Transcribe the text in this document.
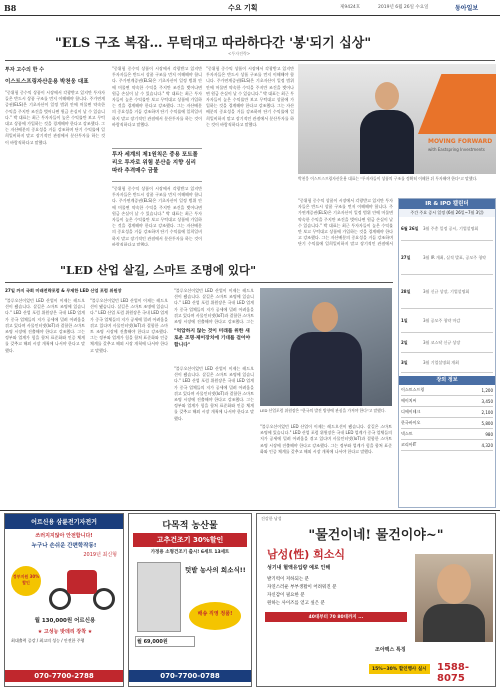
B8	수요 기획	제9424호	2019년 6월 26일 수요일	동아일보
"ELS 구조 복잡… 무턱대고 따라하다간 '봉'되기 십상"
<투자전략>
투자 고수의 한 수
이스트스프링자산운용 박천웅 대표
"중위험 중수익 상품이 시장에서 각광받고 있지만 투자자들은 반드시 상품 구조를 먼저 이해해야 합니다. 주가연계증권(ELS)은 기초자산이 일정 범위 안에 머물면 약속한 수익을 주지만 조건을 벗어나면 원금 손실이 날 수 있습니다." 박 대표는 최근 투자자들이 높은 수익률만 보고 무턱대고 상품에 가입하는 것을 경계해야 한다고 강조했다. 그는 자산배분의 중요성을 거듭 강조하며 단기 수익률에 일희일비하지 말고 장기적인 관점에서 분산투자를 하는 것이 바람직하다고 말했다.
"중위험 중수익 상품이 시장에서 각광받고 있지만 투자자들은 반드시 상품 구조를 먼저 이해해야 합니다. 주가연계증권(ELS)은 기초자산이 일정 범위 안에 머물면 약속한 수익을 주지만 조건을 벗어나면 원금 손실이 날 수 있습니다." 박 대표는 최근 투자자들이 높은 수익률만 보고 무턱대고 상품에 가입하는 것을 경계해야 한다고 강조했다. 그는 자산배분의 중요성을 거듭 강조하며 단기 수익률에 일희일비하지 말고 장기적인 관점에서 분산투자를 하는 것이 바람직하다고 말했다.
투자 세계의 제1원칙은 중용 포트폴리오 투자로 위험 분산을 지향 심리 따라 추격매수 금물
"중위험 중수익 상품이 시장에서 각광받고 있지만 투자자들은 반드시 상품 구조를 먼저 이해해야 합니다. 주가연계증권(ELS)은 기초자산이 일정 범위 안에 머물면 약속한 수익을 주지만 조건을 벗어나면 원금 손실이 날 수 있습니다." 박 대표는 최근 투자자들이 높은 수익률만 보고 무턱대고 상품에 가입하는 것을 경계해야 한다고 강조했다. 그는 자산배분의 중요성을 거듭 강조하며 단기 수익률에 일희일비하지 말고 장기적인 관점에서 분산투자를 하는 것이 바람직하다고 말했다.
"중위험 중수익 상품이 시장에서 각광받고 있지만 투자자들은 반드시 상품 구조를 먼저 이해해야 합니다. 주가연계증권(ELS)은 기초자산이 일정 범위 안에 머물면 약속한 수익을 주지만 조건을 벗어나면 원금 손실이 날 수 있습니다." 박 대표는 최근 투자자들이 높은 수익률만 보고 무턱대고 상품에 가입하는 것을 경계해야 한다고 강조했다. 그는 자산배분의 중요성을 거듭 강조하며 단기 수익률에 일희일비하지 말고 장기적인 관점에서 분산투자를 하는 것이 바람직하다고 말했다.
MOVING FORWARD
with Eastspring Investments
박천웅 이스트스프링자산운용 대표는 "투자자들이 상품의 구조를 정확히 이해한 뒤 투자해야 한다"고 말했다.
"중위험 중수익 상품이 시장에서 각광받고 있지만 투자자들은 반드시 상품 구조를 먼저 이해해야 합니다. 주가연계증권(ELS)은 기초자산이 일정 범위 안에 머물면 약속한 수익을 주지만 조건을 벗어나면 원금 손실이 날 수 있습니다." 박 대표는 최근 투자자들이 높은 수익률만 보고 무턱대고 상품에 가입하는 것을 경계해야 한다고 강조했다. 그는 자산배분의 중요성을 거듭 강조하며 단기 수익률에 일희일비하지 말고 장기적인 관점에서
IR & IPO 캘린더
주간 주요 증시 일정 (6월 26일~7월 3일)
6월 26일	3월 주총 일정 공시, 기업설명회
27일	3월 IR 개최, 실적 발표, 공모주 청약
28일	3월 신규 상장, 기업설명회
1일	3월 공모주 청약 마감
2일	3월 코스닥 신규 상장
3일	3월 기업설명회 개최
장외 정보
이스트스프링	1,200
에이치씨	3,450
디에이테크	2,100
한국바이오	5,800
넥스트	980
코리아IT	4,320
"LED 산업 살길, 스마트 조명에 있다"
27일 까지 국회 미래전략포럼 & 무제한 LED 산업 포럼 위원장
"블루오션이었던 LED 산업이 이제는 레드오션이 됐습니다. 살길은 스마트 조명에 있습니다." LED 산업 포럼 위원장은 국내 LED 업계가 중국 업체들의 저가 공세에 밀려 어려움을 겪고 있다며 사물인터넷(IoT)과 결합한 스마트 조명 시장에 진출해야 한다고 강조했다. 그는 정부와 업계가 힘을 합쳐 표준화와 인증 체계를 갖추고 해외 시장 개척에 나서야 한다고 말했다.
"블루오션이었던 LED 산업이 이제는 레드오션이 됐습니다. 살길은 스마트 조명에 있습니다." LED 산업 포럼 위원장은 국내 LED 업계가 중국 업체들의 저가 공세에 밀려 어려움을 겪고 있다며 사물인터넷(IoT)과 결합한 스마트 조명 시장에 진출해야 한다고 강조했다. 그는 정부와 업계가 힘을 합쳐 표준화와 인증 체계를 갖추고 해외 시장 개척에 나서야 한다고 말했다.
"블루오션이었던 LED 산업이 이제는 레드오션이 됐습니다. 살길은 스마트 조명에 있습니다." LED 산업 포럼 위원장은 국내 LED 업계가 중국 업체들의 저가 공세에 밀려 어려움을 겪고 있다며 사물인터넷(IoT)과 결합한 스마트 조명 시장에 진출해야 한다고 강조했다. 그는
"억압하지 않는 것이 미래를 위한 새로운 조명·제어장치에 기대를 걸어야 합니다"
"블루오션이었던 LED 산업이 이제는 레드오션이 됐습니다. 살길은 스마트 조명에 있습니다." LED 산업 포럼 위원장은 국내 LED 업계가 중국 업체들의 저가 공세에 밀려 어려움을 겪고 있다며 사물인터넷(IoT)과 결합한 스마트 조명 시장에 진출해야 한다고 강조했다. 그는 정부와 업계가 힘을 합쳐 표준화와 인증 체계를 갖추고 해외 시장 개척에 나서야 한다고 말했다.
LED 산업포럼 위원장은 "한국의 발전 방향에 관심을 가져야 한다"고 말했다.
"블루오션이었던 LED 산업이 이제는 레드오션이 됐습니다. 살길은 스마트 조명에 있습니다." LED 산업 포럼 위원장은 국내 LED 업계가 중국 업체들의 저가 공세에 밀려 어려움을 겪고 있다며 사물인터넷(IoT)과 결합한 스마트 조명 시장에 진출해야 한다고 강조했다. 그는 정부와 업계가 힘을 합쳐 표준화와 인증 체계를 갖추고 해외 시장 개척에 나서야 한다고 말했다.
어르신용 삼륜전기자전거
쓰러지지않아 안전합니다!
누구나 손쉬운 간편학작동!
2019년 최신형
정부지원 30% 할인
월 130,000원 어르신용
★ 고성능 밧데리 장착 ★
최대출력 증강 / 최고의 성능 / 안전한 주행
070-7700-2788
다목적 농산물
고추건조기 30%할인
가정용 소형건조기 출시! 6세트 13세트
텃밭 농사의 희소식!!
배송 직영 정품!
월 69,000원
070-7700-0788
건강한 남성
"물건이네! 물건이야~"
남성(性) 희소식
성기내 혈액유입량 예로 인해
발기력이 저하되는 분
자연스러운 부부생활이 어려워진 분
자신감이 필요한 분
원하는 사이즈를 얻고 싶은 분
40대부터 70 80대까지 ...
조아맥스 특징
15%~30% 할인행사 실시	1588-8075
